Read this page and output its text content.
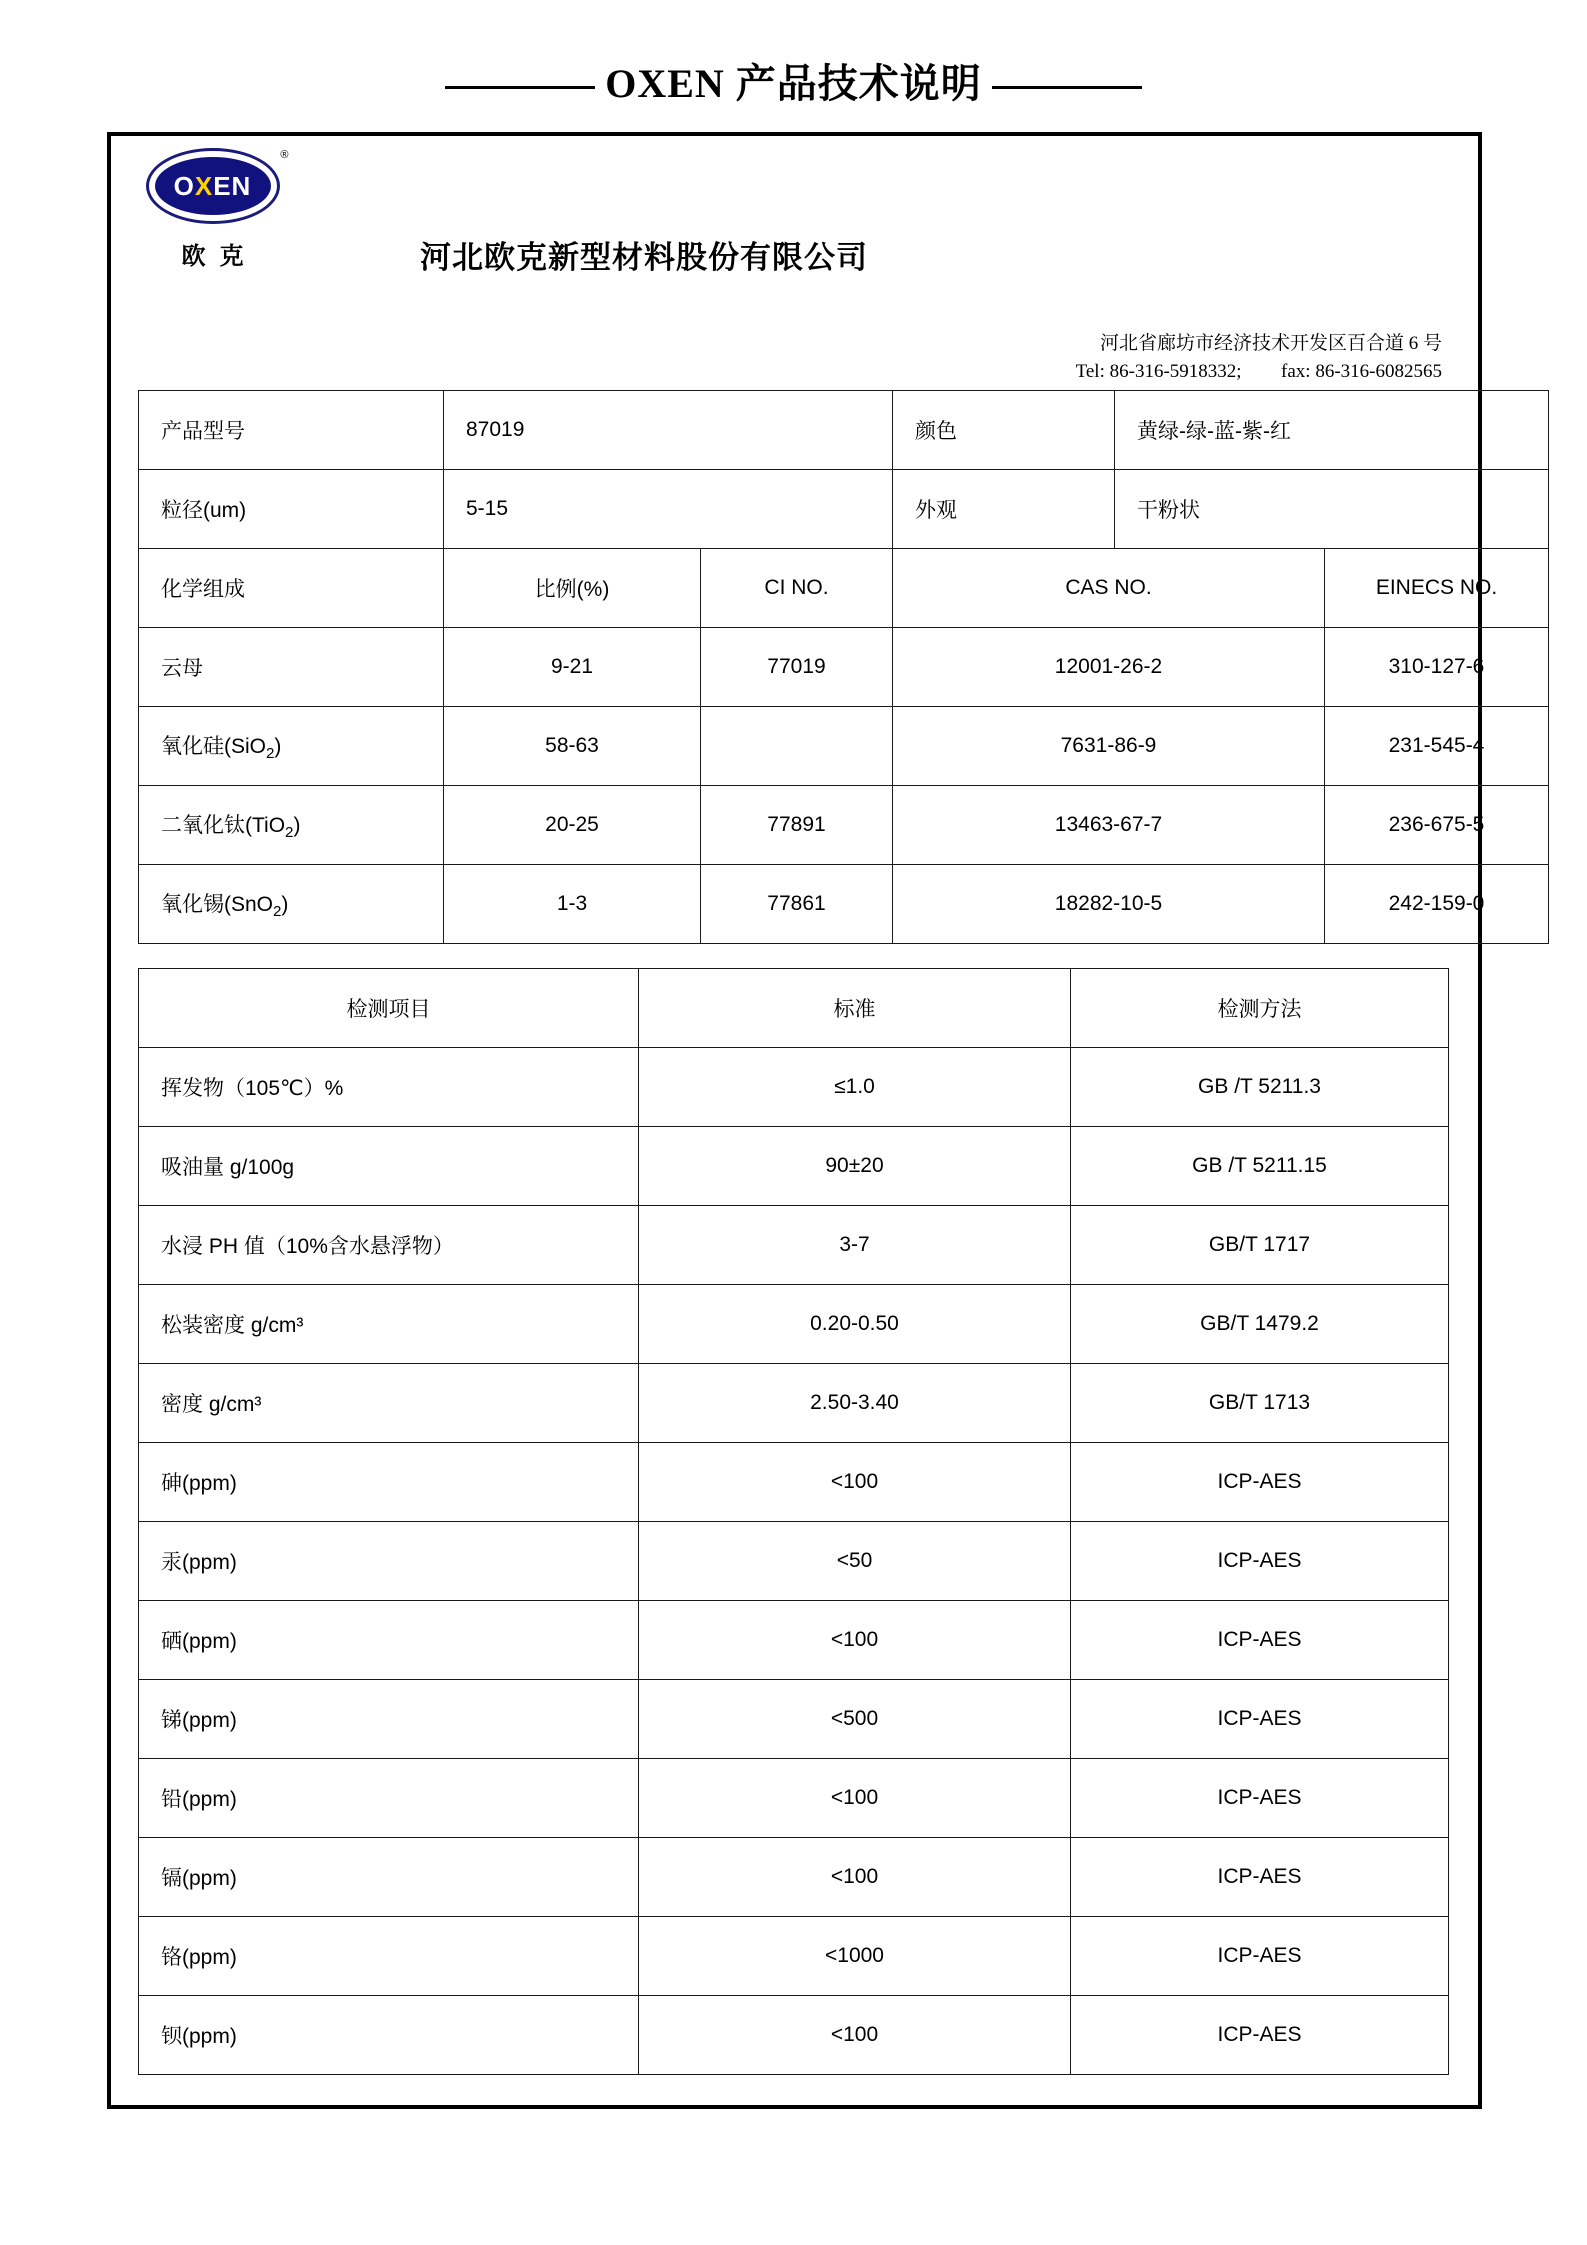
OXEN 产品技术说明
OXEN
®
欧克	河北欧克新型材料股份有限公司
河北省廊坊市经济技术开发区百合道 6 号
Tel: 86-316-5918332; fax: 86-316-6082565
产品型号	87019		颜色	黄绿-绿-蓝-紫-红	
粒径(um)	5-15		外观	干粉状	
化学组成	比例(%)	CI NO.	CAS NO.		EINECS NO.
云母	9-21	77019	12001-26-2		310-127-6
氧化硅(SiO$_2$)	58-63		7631-86-9		231-545-4
二氧化钛(TiO$_2$)	20-25	77891	13463-67-7		236-675-5
氧化锡(SnO$_2$)	1-3	77861	18282-10-5		242-159-0
检测项目	标准	检测方法
挥发物（105℃）%	≤1.0	GB /T 5211.3
吸油量 g/100g	90±20	GB /T 5211.15
水浸 PH 值（10%含水悬浮物）	3-7	GB/T 1717
松装密度 g/cm³	0.20-0.50	GB/T 1479.2
密度 g/cm³	2.50-3.40	GB/T 1713
砷(ppm)	<100	ICP-AES
汞(ppm)	<50	ICP-AES
硒(ppm)	<100	ICP-AES
锑(ppm)	<500	ICP-AES
铅(ppm)	<100	ICP-AES
镉(ppm)	<100	ICP-AES
铬(ppm)	<1000	ICP-AES
钡(ppm)	<100	ICP-AES
